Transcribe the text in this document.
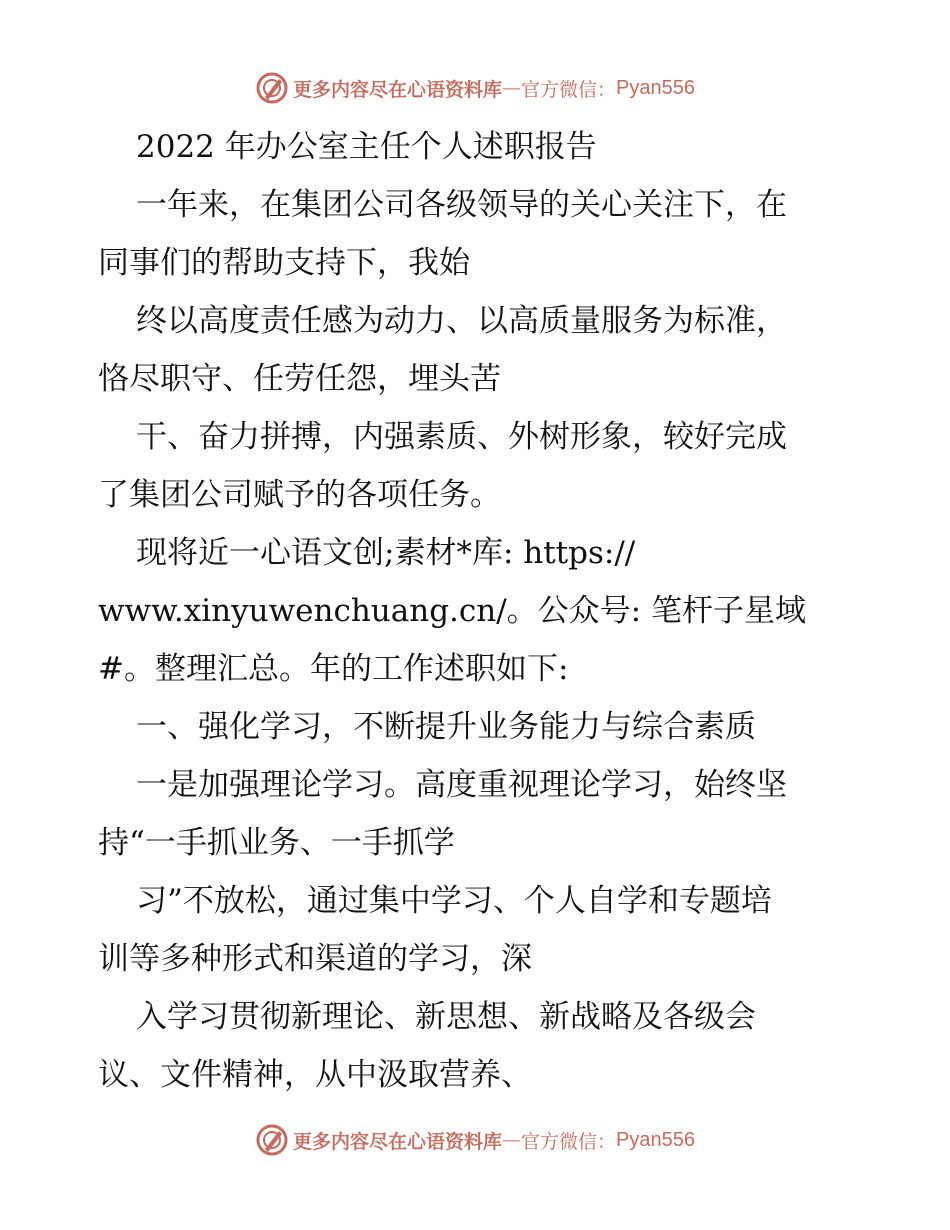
更多内容尽在心语资料库 — 官方微信： Pyan556
2022 年办公室主任个人述职报告
一年来，在集团公司各级领导的关心关注下，在
同事们的帮助支持下，我始
终以高度责任感为动力、以高质量服务为标准，
恪尽职守、任劳任怨，埋头苦
干、奋力拼搏，内强素质、外树形象，较好完成
了集团公司赋予的各项任务。
现将近一心语文创;素材*库: https://
www.xinyuwenchuang.cn/。公众号: 笔杆子星域
#。整理汇总。年的工作述职如下:
一、强化学习，不断提升业务能力与综合素质
一是加强理论学习。高度重视理论学习，始终坚
持“一手抓业务、一手抓学
习”不放松，通过集中学习、个人自学和专题培
训等多种形式和渠道的学习，深
入学习贯彻新理论、新思想、新战略及各级会
议、文件精神，从中汲取营养、
更多内容尽在心语资料库 — 官方微信： Pyan556
